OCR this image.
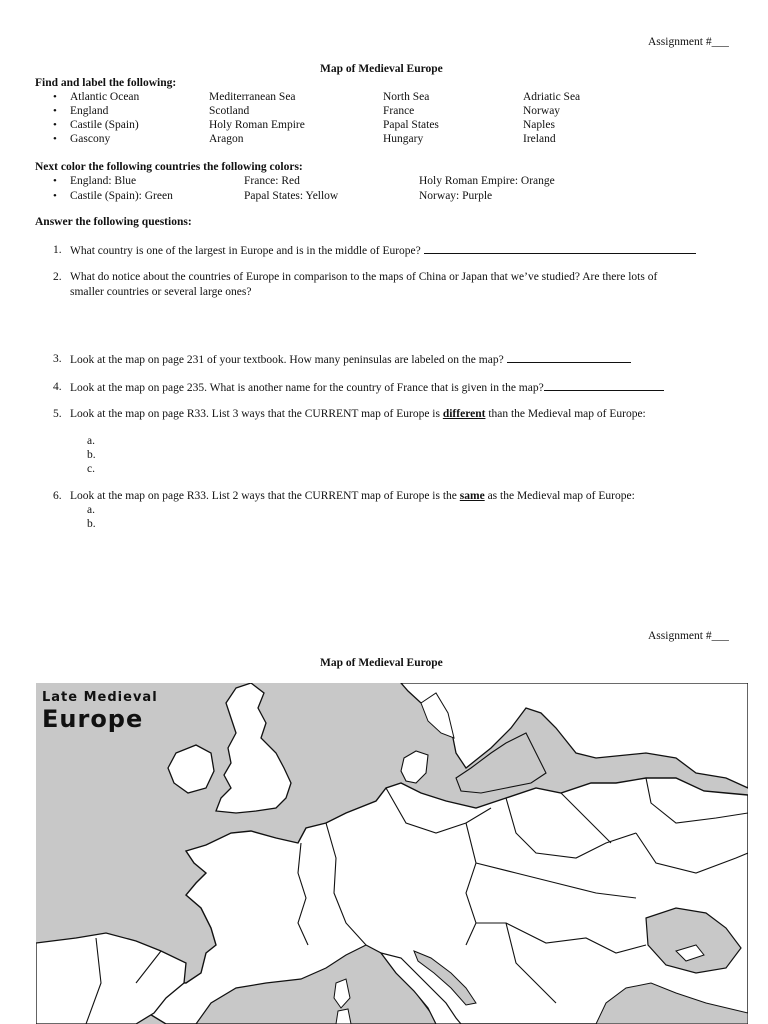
Assignment #___
Map of Medieval Europe
Find and label the following:
• Atlantic Ocean	Mediterranean Sea	North Sea	Adriatic Sea
• England	Scotland	France	Norway
• Castile (Spain)	Holy Roman Empire	Papal States	Naples
• Gascony	Aragon	Hungary	Ireland
Next color the following countries the following colors:
• England: Blue	France: Red	Holy Roman Empire: Orange
• Castile (Spain): Green	Papal States: Yellow	Norway: Purple
Answer the following questions:
1. What country is one of the largest in Europe and is in the middle of Europe?
2. What do notice about the countries of Europe in comparison to the maps of China or Japan that we’ve studied? Are there lots of
smaller countries or several large ones?
3. Look at the map on page 231 of your textbook. How many peninsulas are labeled on the map?
4. Look at the map on page 235. What is another name for the country of France that is given in the map?
5. Look at the map on page R33. List 3 ways that the CURRENT map of Europe is different than the Medieval map of Europe:
a.
b.
c.
6. Look at the map on page R33. List 2 ways that the CURRENT map of Europe is the same as the Medieval map of Europe:
a.
b.
Assignment #___
Map of Medieval Europe
Late Medieval
Europe
